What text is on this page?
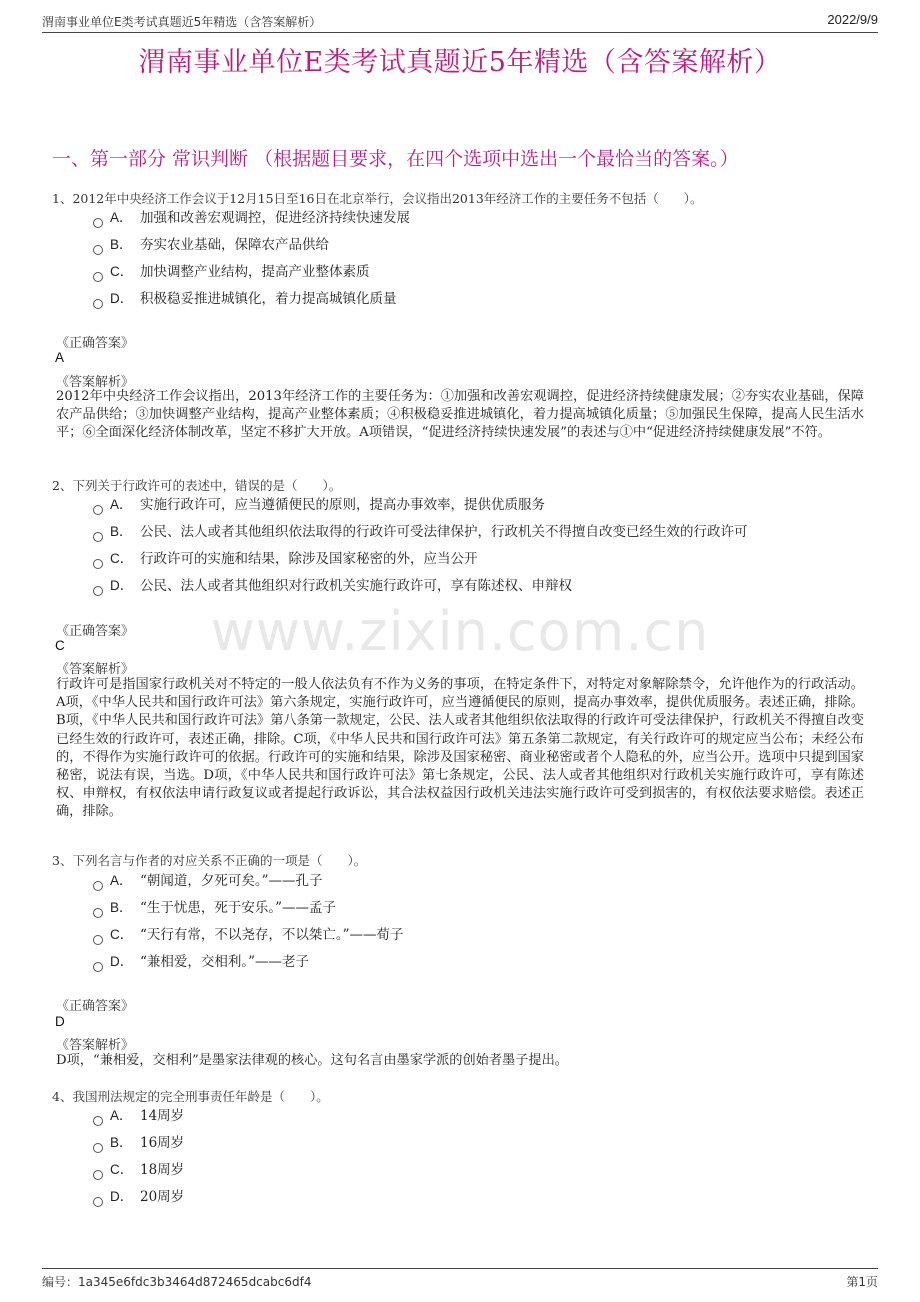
渭南事业单位E类考试真题近5年精选（含答案解析）	2022/9/9
渭南事业单位E类考试真题近5年精选（含答案解析）
一、第一部分 常识判断 （根据题目要求，在四个选项中选出一个最恰当的答案。）
1、2012年中央经济工作会议于12月15日至16日在北京举行，会议指出2013年经济工作的主要任务不包括（　　）。
A． 加强和改善宏观调控，促进经济持续快速发展
B． 夯实农业基础，保障农产品供给
C． 加快调整产业结构，提高产业整体素质
D． 积极稳妥推进城镇化，着力提高城镇化质量
《正确答案》
A
《答案解析》

2012年中央经济工作会议指出，2013年经济工作的主要任务为：①加强和改善宏观调控，促进经济持续健康发展；②夯实农业基础，保障农产品供给；③加快调整产业结构，提高产业整体素质；④积极稳妥推进城镇化，着力提高城镇化质量；⑤加强民生保障，提高人民生活水平；⑥全面深化经济体制改革，坚定不移扩大开放。A项错误，“促进经济持续快速发展”的表述与①中“促进经济持续健康发展”不符。

2、下列关于行政许可的表述中，错误的是（　　）。
A． 实施行政许可，应当遵循便民的原则，提高办事效率，提供优质服务
B． 公民、法人或者其他组织依法取得的行政许可受法律保护，行政机关不得擅自改变已经生效的行政许可
C． 行政许可的实施和结果，除涉及国家秘密的外，应当公开
D． 公民、法人或者其他组织对行政机关实施行政许可，享有陈述权、申辩权
《正确答案》
C
《答案解析》

行政许可是指国家行政机关对不特定的一般人依法负有不作为义务的事项，在特定条件下，对特定对象解除禁令，允许他作为的行政活动。A项，《中华人民共和国行政许可法》第六条规定，实施行政许可，应当遵循便民的原则，提高办事效率，提供优质服务。表述正确，排除。B项，《中华人民共和国行政许可法》第八条第一款规定，公民、法人或者其他组织依法取得的行政许可受法律保护，行政机关不得擅自改变已经生效的行政许可，表述正确，排除。C项，《中华人民共和国行政许可法》第五条第二款规定，有关行政许可的规定应当公布；未经公布的，不得作为实施行政许可的依据。行政许可的实施和结果，除涉及国家秘密、商业秘密或者个人隐私的外，应当公开。选项中只提到国家秘密，说法有误，当选。D项，《中华人民共和国行政许可法》第七条规定，公民、法人或者其他组织对行政机关实施行政许可，享有陈述权、申辩权，有权依法申请行政复议或者提起行政诉讼，其合法权益因行政机关违法实施行政许可受到损害的，有权依法要求赔偿。表述正确，排除。

www.zixin.com.cn
3、下列名言与作者的对应关系不正确的一项是（　　）。
A． “朝闻道，夕死可矣。”——孔子
B． “生于忧患，死于安乐。”——孟子
C． “天行有常，不以尧存，不以桀亡。”——荀子
D． “兼相爱，交相利。”——老子
《正确答案》
D
《答案解析》

D项，“兼相爱，交相利”是墨家法律观的核心。这句名言由墨家学派的创始者墨子提出。

4、我国刑法规定的完全刑事责任年龄是（　　）。
A． 14周岁
B． 16周岁
C． 18周岁
D． 20周岁
编号：1a345e6fdc3b3464d872465dcabc6df4	第1页
